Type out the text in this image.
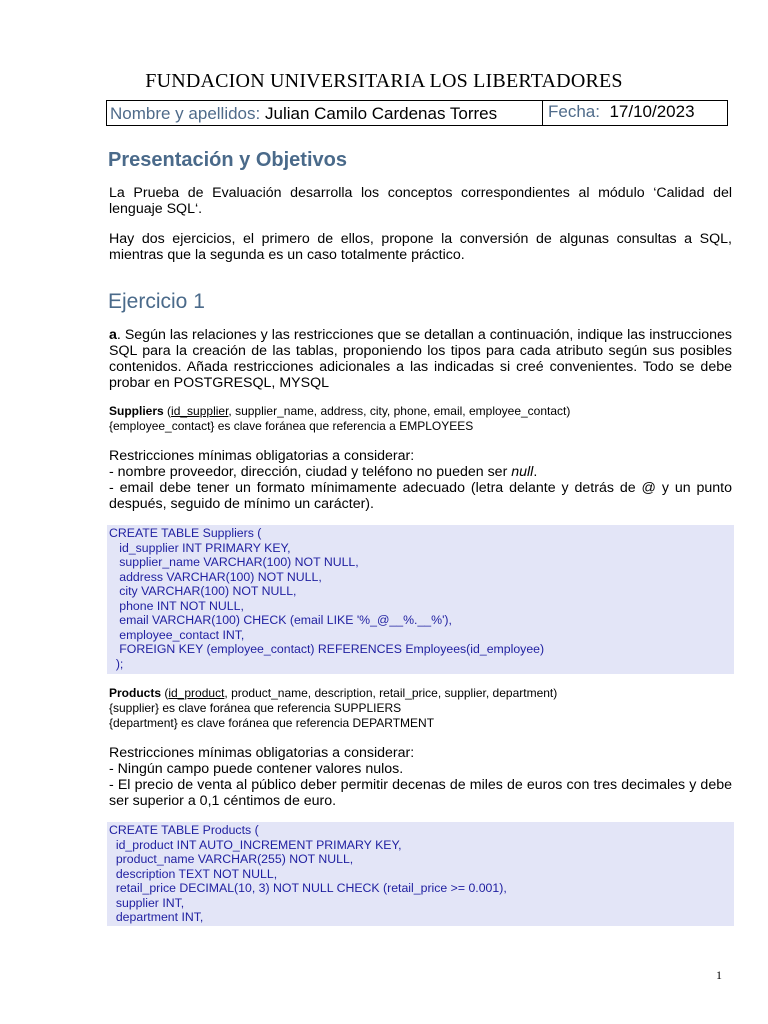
FUNDACION UNIVERSITARIA LOS LIBERTADORES
Nombre y apellidos: Julian Camilo Cardenas Torres	Fecha: 17/10/2023
Presentación y Objetivos
La Prueba de Evaluación desarrolla los conceptos correspondientes al módulo ‘Calidad del lenguaje SQL‘.
Hay dos ejercicios, el primero de ellos, propone la conversión de algunas consultas a SQL, mientras que la segunda es un caso totalmente práctico.
Ejercicio 1
a. Según las relaciones y las restricciones que se detallan a continuación, indique las instrucciones SQL para la creación de las tablas, proponiendo los tipos para cada atributo según sus posibles contenidos. Añada restricciones adicionales a las indicadas si creé convenientes. Todo se debe probar en POSTGRESQL, MYSQL
Suppliers (id_supplier, supplier_name, address, city, phone, email, employee_contact)
{employee_contact} es clave foránea que referencia a EMPLOYEES
Restricciones mínimas obligatorias a considerar:
- nombre proveedor, dirección, ciudad y teléfono no pueden ser null.
- email debe tener un formato mínimamente adecuado (letra delante y detrás de @ y un punto después, seguido de mínimo un carácter).
CREATE TABLE Suppliers (
id_supplier INT PRIMARY KEY,
supplier_name VARCHAR(100) NOT NULL,
address VARCHAR(100) NOT NULL,
city VARCHAR(100) NOT NULL,
phone INT NOT NULL,
email VARCHAR(100) CHECK (email LIKE '%_@__%.__%'),
employee_contact INT,
FOREIGN KEY (employee_contact) REFERENCES Employees(id_employee)
);
Products (id_product, product_name, description, retail_price, supplier, department)
{supplier} es clave foránea que referencia SUPPLIERS
{department} es clave foránea que referencia DEPARTMENT
Restricciones mínimas obligatorias a considerar:
- Ningún campo puede contener valores nulos.
- El precio de venta al público deber permitir decenas de miles de euros con tres decimales y debe ser superior a 0,1 céntimos de euro.
CREATE TABLE Products (
id_product INT AUTO_INCREMENT PRIMARY KEY,
product_name VARCHAR(255) NOT NULL,
description TEXT NOT NULL,
retail_price DECIMAL(10, 3) NOT NULL CHECK (retail_price >= 0.001),
supplier INT,
department INT,
1
